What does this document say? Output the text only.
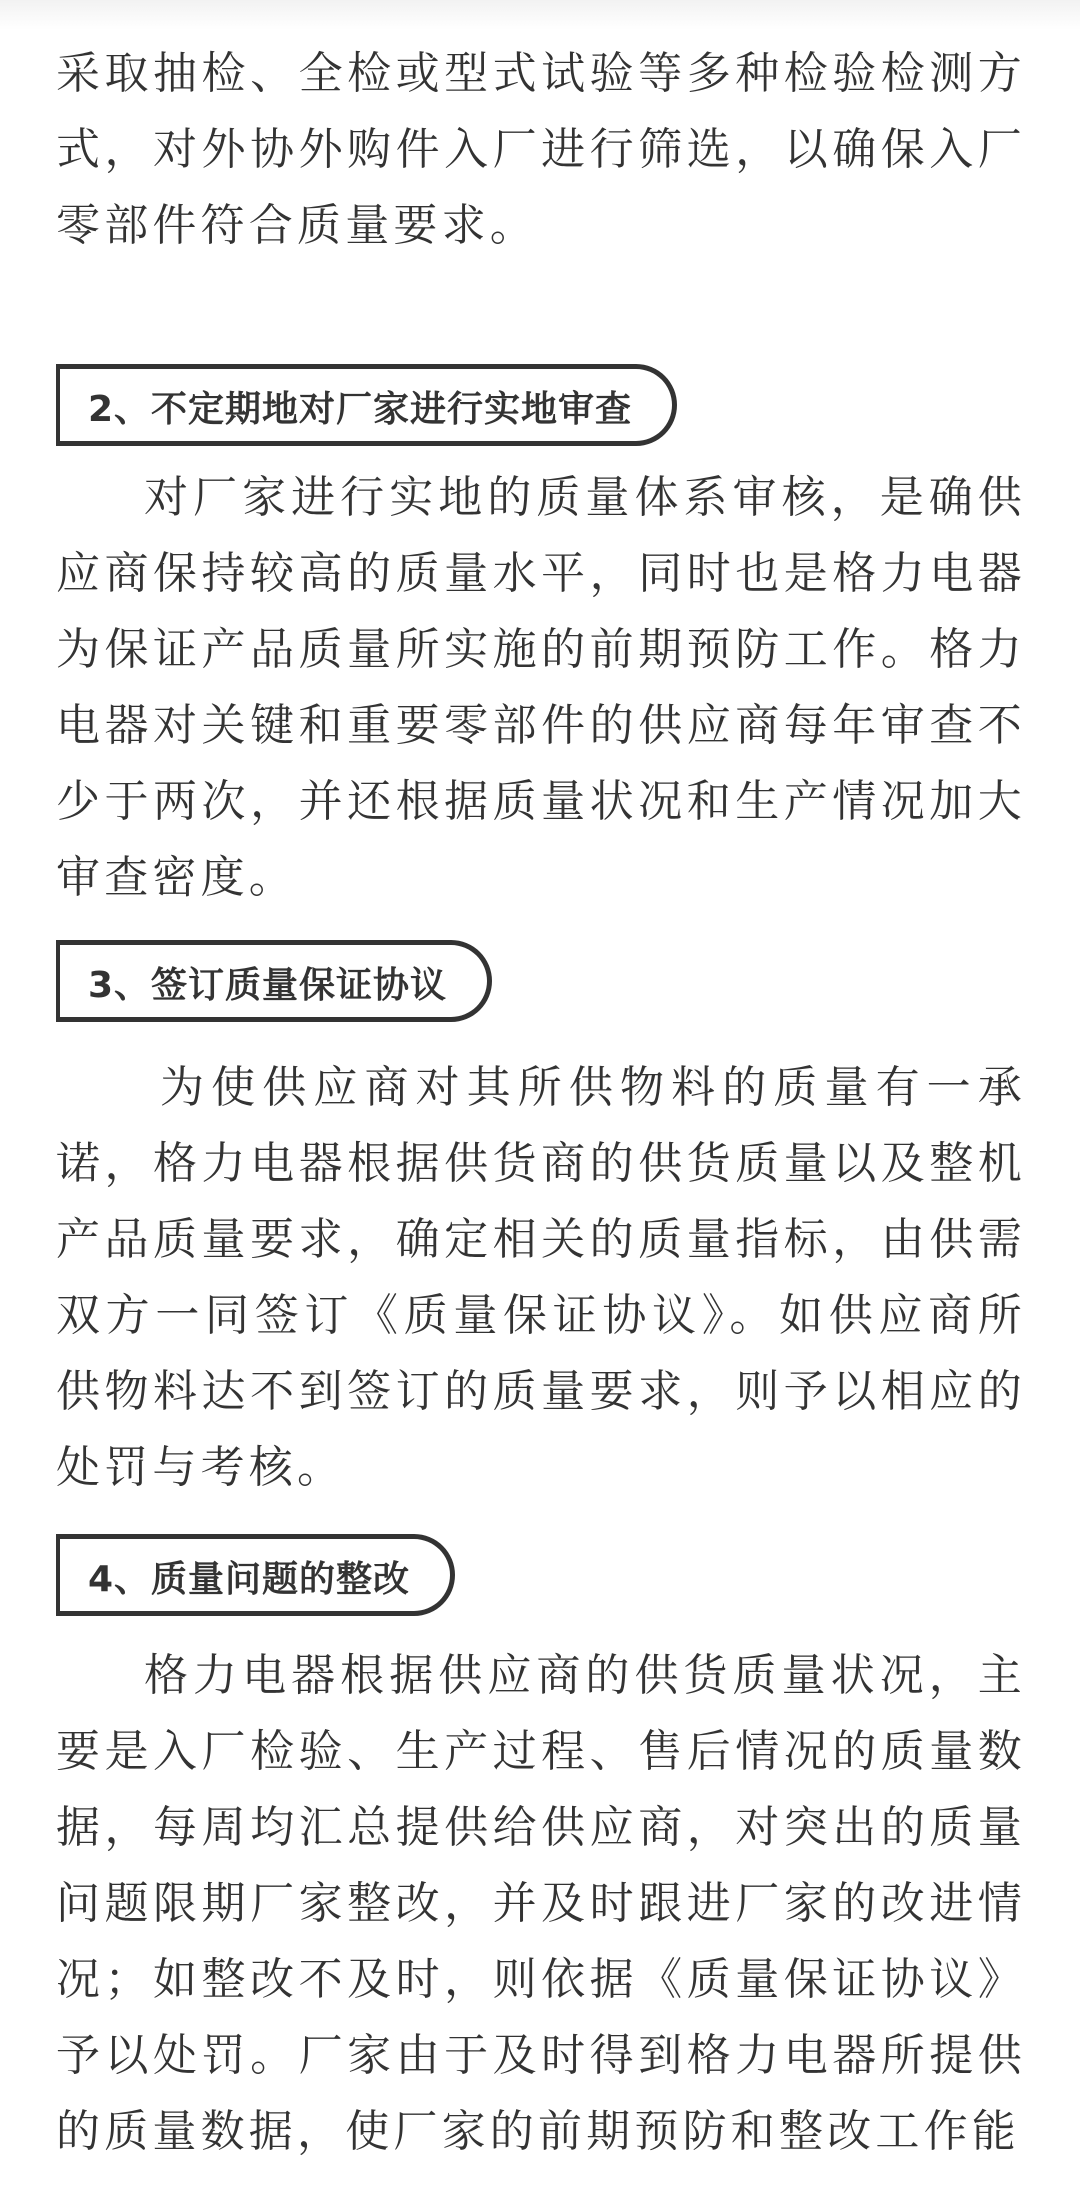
采取抽检、全检或型式试验等多种检验检测方式，对外协外购件入厂进行筛选，以确保入厂零部件符合质量要求。

2、不定期地对厂家进行实地审查

对厂家进行实地的质量体系审核，是确供应商保持较高的质量水平，同时也是格力电器为保证产品质量所实施的前期预防工作。格力电器对关键和重要零部件的供应商每年审查不少于两次，并还根据质量状况和生产情况加大审查密度。

3、签订质量保证协议

为使供应商对其所供物料的质量有一承诺，格力电器根据供货商的供货质量以及整机产品质量要求，确定相关的质量指标，由供需双方一同签订《质量保证协议》。如供应商所供物料达不到签订的质量要求，则予以相应的处罚与考核。

4、质量问题的整改

格力电器根据供应商的供货质量状况，主要是入厂检验、生产过程、售后情况的质量数据，每周均汇总提供给供应商，对突出的质量问题限期厂家整改，并及时跟进厂家的改进情况；如整改不及时，则依据《质量保证协议》予以处罚。厂家由于及时得到格力电器所提供的质量数据，使厂家的前期预防和整改工作能
